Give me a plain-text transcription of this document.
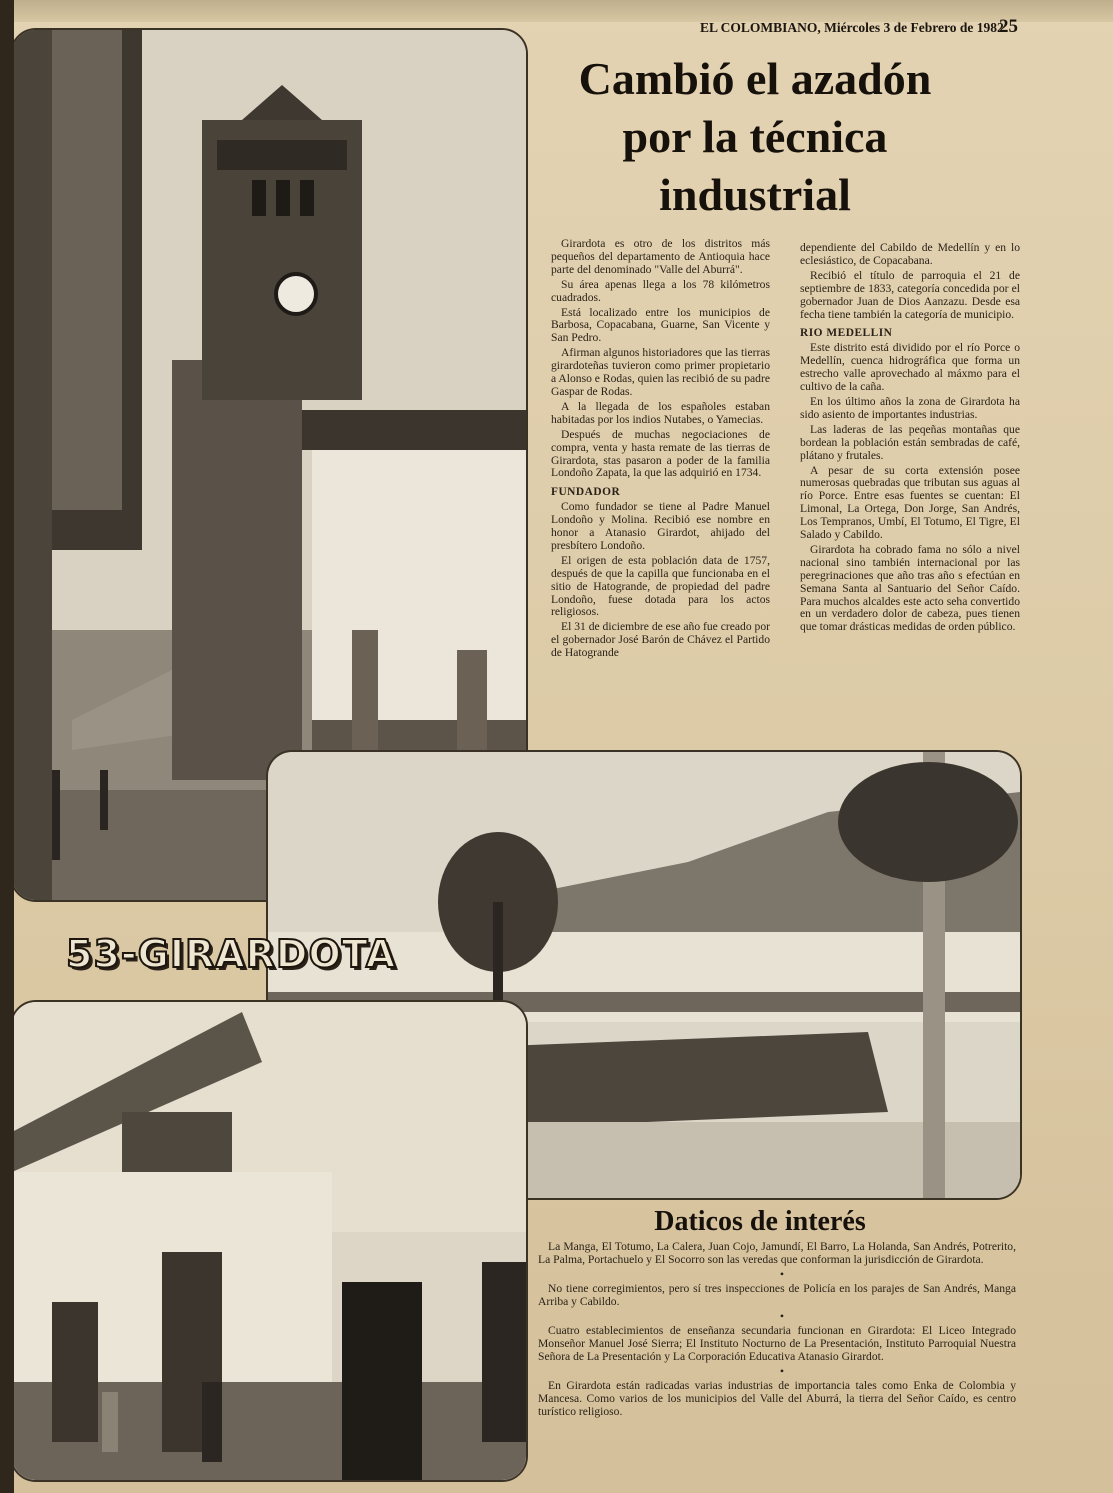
EL COLOMBIANO, Miércoles 3 de Febrero de 1982
25
Cambió el azadón
por la técnica
industrial

Girardota es otro de los distritos más pequeños del departamento de Antioquia hace parte del denominado "Valle del Aburrá".

Su área apenas llega a los 78 kilómetros cuadrados.

Está localizado entre los municipios de Barbosa, Copacabana, Guarne, San Vicente y San Pedro.

Afirman algunos historiadores que las tierras girardoteñas tuvieron como primer propietario a Alonso e Rodas, quien las recibió de su padre Gaspar de Rodas.

A la llegada de los españoles estaban habitadas por los indios Nutabes, o Yamecias.

Después de muchas negociaciones de compra, venta y hasta remate de las tierras de Girardota, stas pasaron a poder de la familia Londoño Zapata, la que las adquirió en 1734.

FUNDADOR

Como fundador se tiene al Padre Manuel Londoño y Molina. Recibió ese nombre en honor a Atanasio Girardot, ahijado del presbítero Londoño.

El origen de esta población data de 1757, después de que la capilla que funcionaba en el sitio de Hatogrande, de propiedad del padre Londoño, fuese dotada para los actos religiosos.

El 31 de diciembre de ese año fue creado por el gobernador José Barón de Chávez el Partido de Hatogrande

dependiente del Cabildo de Medellín y en lo eclesiástico, de Copacabana.

Recibió el título de parroquia el 21 de septiembre de 1833, categoría concedida por el gobernador Juan de Dios Aanzazu. Desde esa fecha tiene también la categoría de municipio.

RIO MEDELLIN

Este distrito está dividido por el río Porce o Medellín, cuenca hidrográfica que forma un estrecho valle aprovechado al máxmo para el cultivo de la caña.

En los último años la zona de Girardota ha sido asiento de importantes industrias.

Las laderas de las peqeñas montañas que bordean la población están sembradas de café, plátano y frutales.

A pesar de su corta extensión posee numerosas quebradas que tributan sus aguas al río Porce. Entre esas fuentes se cuentan: El Limonal, La Ortega, Don Jorge, San Andrés, Los Tempranos, Umbí, El Totumo, El Tigre, El Salado y Cabildo.

Girardota ha cobrado fama no sólo a nivel nacional sino también internacional por las peregrinaciones que año tras año s efectúan en Semana Santa al Santuario del Señor Caído. Para muchos alcaldes este acto seha convertido en un verdadero dolor de cabeza, pues tienen que tomar drásticas medidas de orden público.

53-GIRARDOTA
Daticos de interés

La Manga, El Totumo, La Calera, Juan Cojo, Jamundí, El Barro, La Holanda, San Andrés, Potrerito, La Palma, Portachuelo y El Socorro son las veredas que conforman la jurisdicción de Girardota.

•

No tiene corregimientos, pero sí tres inspecciones de Policía en los parajes de San Andrés, Manga Arriba y Cabildo.

•

Cuatro establecimientos de enseñanza secundaria funcionan en Girardota: El Liceo Integrado Monseñor Manuel José Sierra; El Instituto Nocturno de La Presentación, Instituto Parroquial Nuestra Señora de La Presentación y La Corporación Educativa Atanasio Girardot.

•

En Girardota están radicadas varias industrias de importancia tales como Enka de Colombia y Mancesa. Como varios de los municipios del Valle del Aburrá, la tierra del Señor Caído, es centro turístico religioso.
